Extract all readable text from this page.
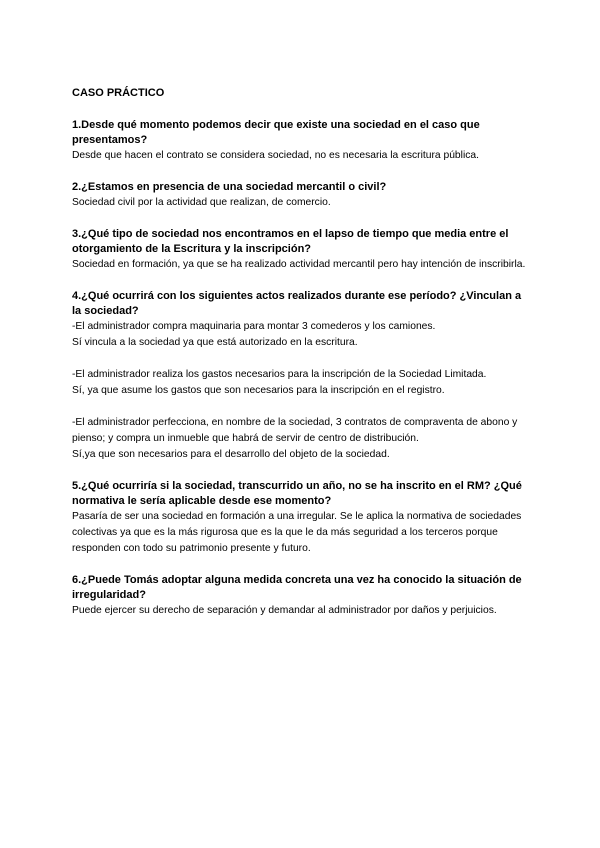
CASO PRÁCTICO

1.Desde qué momento podemos decir que existe una sociedad en el caso que presentamos?

Desde que hacen el contrato se considera sociedad, no es necesaria la escritura pública.

2.¿Estamos en presencia de una sociedad mercantil o civil?

Sociedad civil por la actividad que realizan, de comercio.

3.¿Qué tipo de sociedad nos encontramos en el lapso de tiempo que media entre el otorgamiento de la Escritura y la inscripción?

Sociedad en formación, ya que se ha realizado actividad mercantil pero hay intención de inscribirla.

4.¿Qué ocurrirá con los siguientes actos realizados durante ese período? ¿Vinculan a la sociedad?

-El administrador compra maquinaria para montar 3 comederos y los camiones.

Sí vincula a la sociedad ya que está autorizado en la escritura.

-El administrador realiza los gastos necesarios para la inscripción de la Sociedad Limitada.

Sí, ya que asume los gastos que son necesarios para la inscripción en el registro.

-El administrador perfecciona, en nombre de la sociedad, 3 contratos de compraventa de abono y pienso; y compra un inmueble que habrá de servir de centro de distribución.

Sí,ya que son necesarios para el desarrollo del objeto de la sociedad.

5.¿Qué ocurriría si la sociedad, transcurrido un año, no se ha inscrito en el RM? ¿Qué normativa le sería aplicable desde ese momento?

Pasaría de ser una sociedad en formación a una irregular. Se le aplica la normativa de sociedades colectivas ya que es la más rigurosa que es la que le da más seguridad a los terceros porque responden con todo su patrimonio presente y futuro.

6.¿Puede Tomás adoptar alguna medida concreta una vez ha conocido la situación de irregularidad?

Puede ejercer su derecho de separación y demandar al administrador por daños y perjuicios.
